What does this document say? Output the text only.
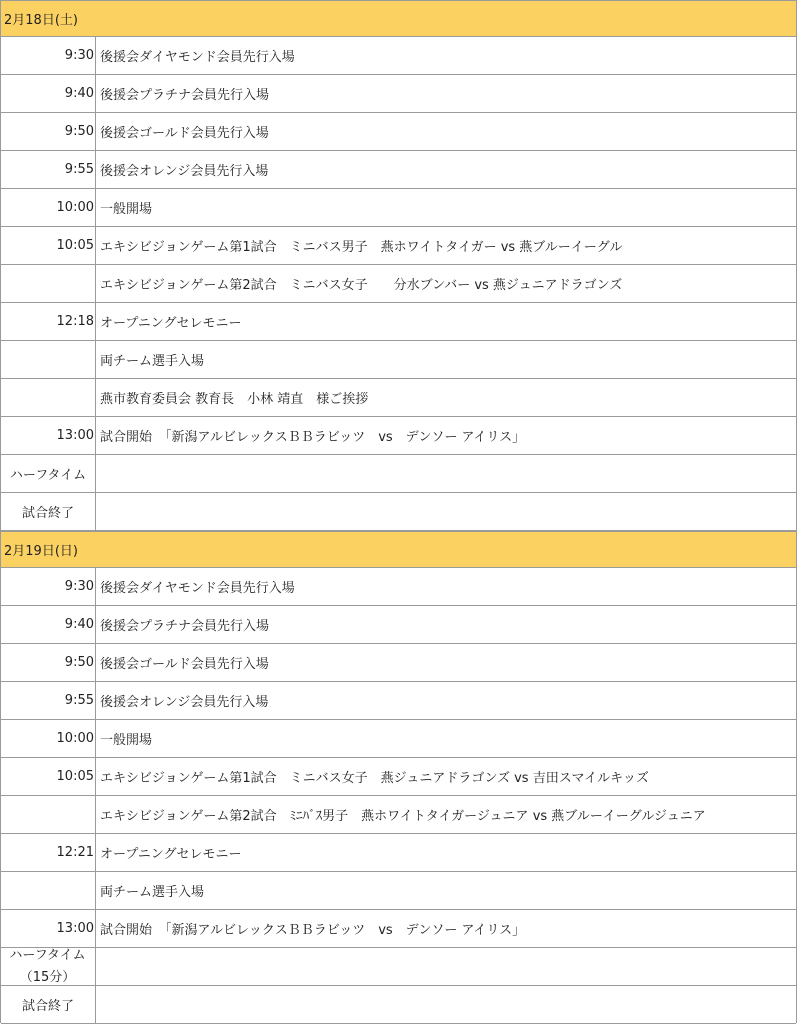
2月18日(土)
9:30 後援会ダイヤモンド会員先行入場
9:40 後援会プラチナ会員先行入場
9:50 後援会ゴールド会員先行入場
9:55 後援会オレンジ会員先行入場
10:00 一般開場
10:05 エキシビジョンゲーム第1試合　ミニバス男子　燕ホワイトタイガー vs 燕ブルーイーグル
エキシビジョンゲーム第2試合　ミニバス女子　　分水ブンバー vs 燕ジュニアドラゴンズ
12:18 オープニングセレモニー
両チーム選手入場
燕市教育委員会 教育長　小林 靖直　様ご挨拶
13:00 試合開始　「新潟アルビレックスＢＢラビッツ　vs　デンソー アイリス」
ハーフタイム
試合終了
2月19日(日)
9:30 後援会ダイヤモンド会員先行入場
9:40 後援会プラチナ会員先行入場
9:50 後援会ゴールド会員先行入場
9:55 後援会オレンジ会員先行入場
10:00 一般開場
10:05 エキシビジョンゲーム第1試合　ミニバス女子　燕ジュニアドラゴンズ vs 吉田スマイルキッズ
エキシビジョンゲーム第2試合　ﾐﾆﾊﾞｽ男子　燕ホワイトタイガージュニア vs 燕ブルーイーグルジュニア
12:21 オープニングセレモニー
両チーム選手入場
13:00 試合開始　「新潟アルビレックスＢＢラビッツ　vs　デンソー アイリス」
ハーフタイム
（15分）
試合終了
